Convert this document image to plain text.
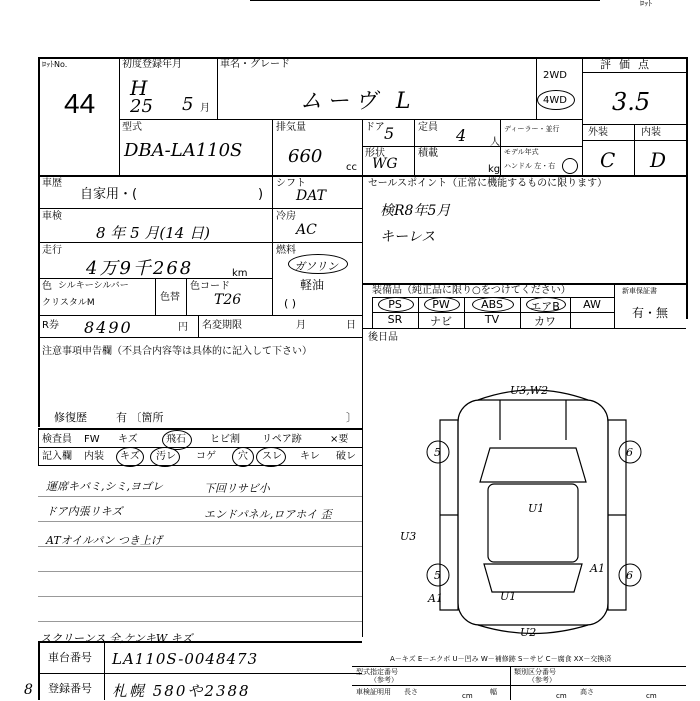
ﾛｯﾄ
ﾛｯﾄNo.
44
初度登録年月
H
25 5 月
車名・グレード
ムーヴ L
2WD
4WD
評価点
3.5
外装	内装
C D
型式
DBA-LA110S
排気量
660
cc
ドア 5 定員 4 人
ディーラー・並行
形状
WG
積載
kg
モデル年式
ハンドル 左・右
車歴
自家用・(	)
シフト
DAT
車検
8 年 5 月(14 日)
冷房
AC
走行
4万9千268	km
燃料
ガソリン
軽油
( )
色 シルキーシルバー
クリスタルM	色替
色コード
T26
セールスポイント（正常に機能するものに限ります）
検R8年5月
キーレス
装備品（純正品に限り○をつけてください）	新車保証書
PS	PW	ABS	エアB	AW
SR	ナビ	TV	カワ
有・無
R券 8490	円 名変期限	月	日
後日品
注意事項申告欄（不具合内容等は具体的に記入して下さい）
修復歴	有 〔箇所	〕
検査員 FW キズ	飛石 ヒビ割 リペア跡	×要
記入欄 内装 キズ 汚レ コゲ 穴 スレ キレ 破レ
運席キバミ,シミ,ヨゴレ
ドア内張リキズ
ATオイルパン つき上げ
下回リサビ小
エンドパネル,ロアホイ 歪
スクリーンス 全,ケンキW キズ
U3,W2
U1
U3
U1
A1
U2
A1
5	6
5	6
車台番号 LA110S-0048473
登録番号 札幌 580や2388
8
A－キズ E－エクボ U－凹み W－補修跡 S－サビ C－腐食 XX－交換済
型式指定番号
（参考）
類別区分番号
（参考）
車検証明用 長さ	幅	高さ
cm	cm	cm
